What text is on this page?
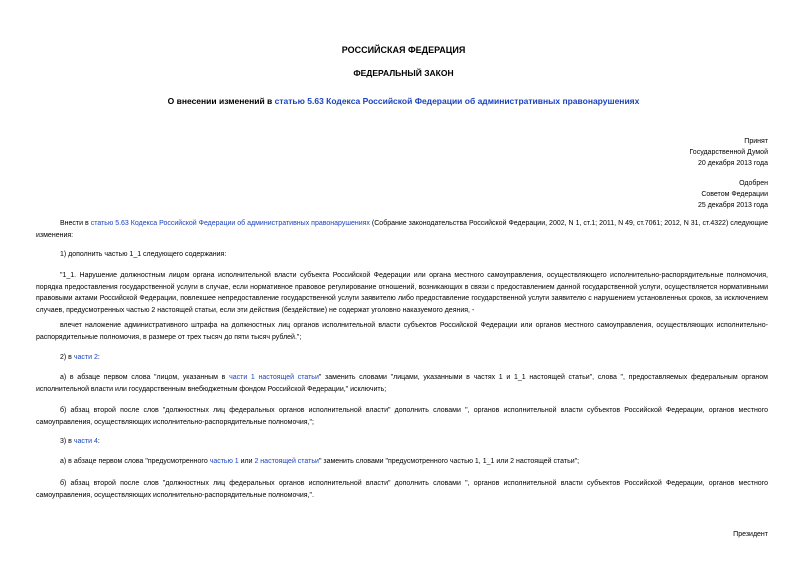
РОССИЙСКАЯ ФЕДЕРАЦИЯ
ФЕДЕРАЛЬНЫЙ ЗАКОН
О внесении изменений в статью 5.63 Кодекса Российской Федерации об административных правонарушениях
Принят
Государственной Думой
20 декабря 2013 года
Одобрен
Советом Федерации
25 декабря 2013 года
Внести в статью 5.63 Кодекса Российской Федерации об административных правонарушениях (Собрание законодательства Российской Федерации, 2002, N 1, ст.1; 2011, N 49, ст.7061; 2012, N 31, ст.4322) следующие изменения:
1) дополнить частью 1_1 следующего содержания:
"1_1. Нарушение должностным лицом органа исполнительной власти субъекта Российской Федерации или органа местного самоуправления, осуществляющего исполнительно-распорядительные полномочия, порядка предоставления государственной услуги в случае, если нормативное правовое регулирование отношений, возникающих в связи с предоставлением данной государственной услуги, осуществляется нормативными правовыми актами Российской Федерации, повлекшее непредоставление государственной услуги заявителю либо предоставление государственной услуги заявителю с нарушением установленных сроков, за исключением случаев, предусмотренных частью 2 настоящей статьи, если эти действия (бездействие) не содержат уголовно наказуемого деяния, -
влечет наложение административного штрафа на должностных лиц органов исполнительной власти субъектов Российской Федерации или органов местного самоуправления, осуществляющих исполнительно-распорядительные полномочия, в размере от трех тысяч до пяти тысяч рублей.";
2) в части 2:
а) в абзаце первом слова "лицом, указанным в части 1 настоящей статьи" заменить словами "лицами, указанными в частях 1 и 1_1 настоящей статьи", слова ", предоставляемых федеральным органом исполнительной власти или государственным внебюджетным фондом Российской Федерации," исключить;
б) абзац второй после слов "должностных лиц федеральных органов исполнительной власти" дополнить словами ", органов исполнительной власти субъектов Российской Федерации, органов местного самоуправления, осуществляющих исполнительно-распорядительные полномочия,";
3) в части 4:
а) в абзаце первом слова "предусмотренного частью 1 или 2 настоящей статьи" заменить словами "предусмотренного частью 1, 1_1 или 2 настоящей статьи";
б) абзац второй после слов "должностных лиц федеральных органов исполнительной власти" дополнить словами ", органов исполнительной власти субъектов Российской Федерации, органов местного самоуправления, осуществляющих исполнительно-распорядительные полномочия,".
Президент
